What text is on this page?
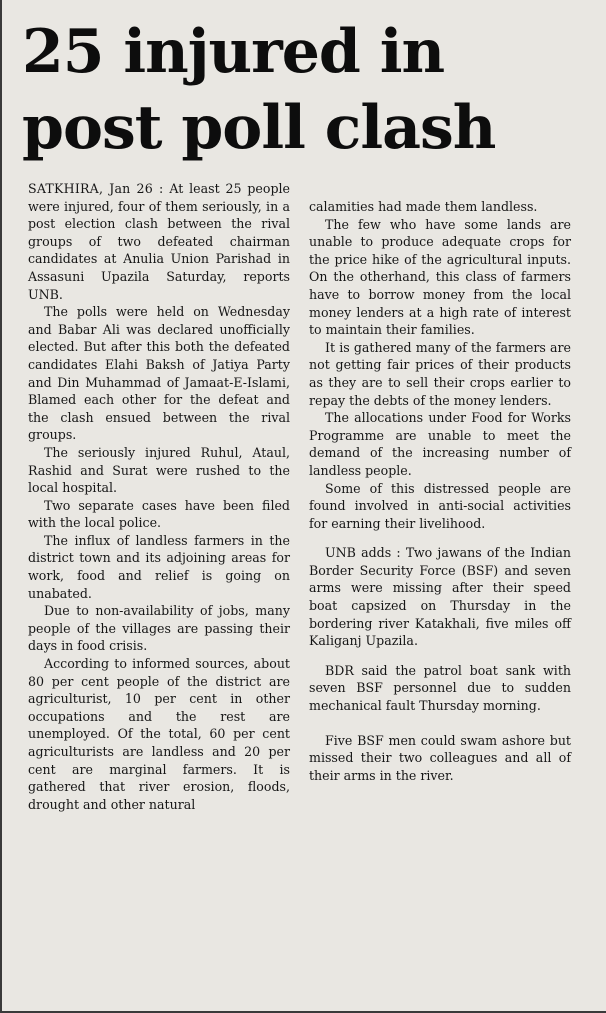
25 injured in
post poll clash

SATKHIRA, Jan 26 : At least 25 people were injured, four of them seriously, in a post election clash between the rival groups of two defeated chairman candidates at Anulia Union Parishad in Assasuni Upazila Saturday, reports UNB.

The polls were held on Wednesday and Babar Ali was declared unofficially elected. But after this both the defeated candidates Elahi Baksh of Jatiya Party and Din Muhammad of Jamaat-E-Islami, Blamed each other for the defeat and the clash ensued between the rival groups.

The seriously injured Ruhul, Ataul, Rashid and Surat were rushed to the local hospital.

Two separate cases have been filed with the local police.

The influx of landless farmers in the district town and its adjoining areas for work, food and relief is going on unabated.

Due to non-availability of jobs, many people of the villages are passing their days in food crisis.

According to informed sources, about 80 per cent people of the district are agriculturist, 10 per cent in other occupations and the rest are unemployed. Of the total, 60 per cent agriculturists are landless and 20 per cent are marginal farmers. It is gathered that river erosion, floods, drought and other natural

calamities had made them landless.

The few who have some lands are unable to produce adequate crops for the price hike of the agricultural inputs. On the otherhand, this class of farmers have to borrow money from the local money lenders at a high rate of interest to maintain their families.

It is gathered many of the farmers are not getting fair prices of their products as they are to sell their crops earlier to repay the debts of the money lenders.

The allocations under Food for Works Programme are unable to meet the demand of the increasing number of landless people.

Some of this distressed people are found involved in anti-social activities for earning their livelihood.

UNB adds : Two jawans of the Indian Border Security Force (BSF) and seven arms were missing after their speed boat capsized on Thursday in the bordering river Katakhali, five miles off Kaliganj Upazila.

BDR said the patrol boat sank with seven BSF personnel due to sudden mechanical fault Thursday morning.

Five BSF men could swam ashore but missed their two colleagues and all of their arms in the river.
